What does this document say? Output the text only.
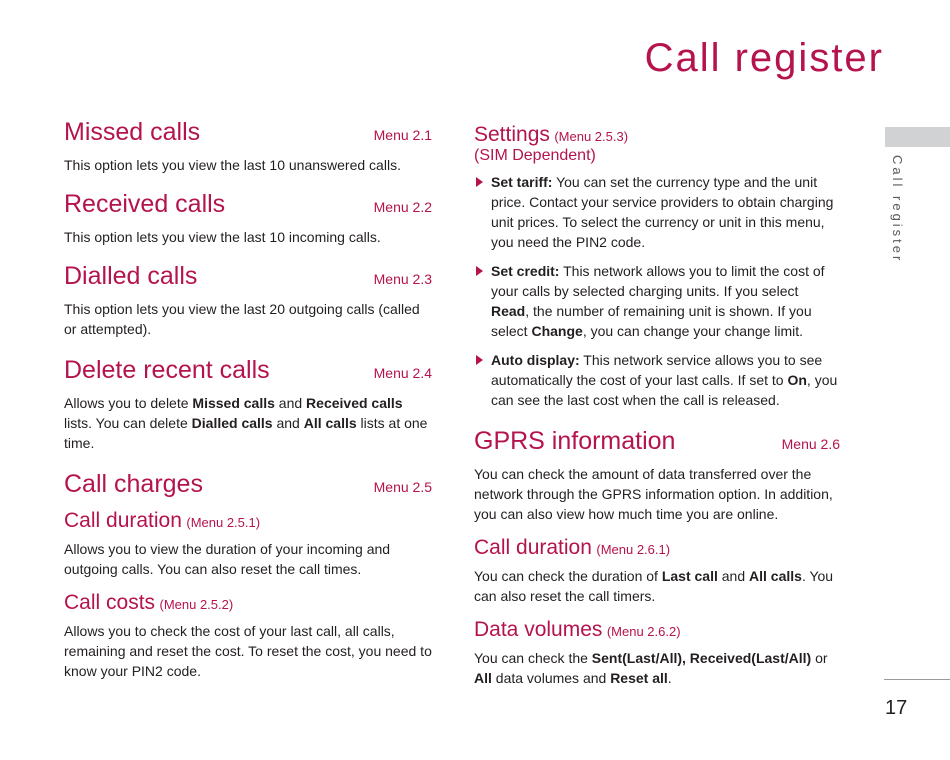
Call register
Call register
17
Missed calls	Menu 2.1

This option lets you view the last 10 unanswered calls.

Received calls	Menu 2.2

This option lets you view the last 10 incoming calls.

Dialled calls	Menu 2.3

This option lets you view the last 20 outgoing calls (called or attempted).

Delete recent calls	Menu 2.4

Allows you to delete Missed calls and Received calls lists. You can delete Dialled calls and All calls lists at one time.

Call charges	Menu 2.5
Call duration (Menu 2.5.1)

Allows you to view the duration of your incoming and outgoing calls. You can also reset the call times.

Call costs (Menu 2.5.2)

Allows you to check the cost of your last call, all calls, remaining and reset the cost. To reset the cost, you need to know your PIN2 code.

Settings (Menu 2.5.3)
(SIM Dependent)

Set tariff: You can set the currency type and the unit price. Contact your service providers to obtain charging unit prices. To select the currency or unit in this menu, you need the PIN2 code.

Set credit: This network allows you to limit the cost of your calls by selected charging units. If you select Read, the number of remaining unit is shown. If you select Change, you can change your change limit.

Auto display: This network service allows you to see automatically the cost of your last calls. If set to On, you can see the last cost when the call is released.

GPRS information	Menu 2.6

You can check the amount of data transferred over the network through the GPRS information option. In addition, you can also view how much time you are online.

Call duration (Menu 2.6.1)

You can check the duration of Last call and All calls. You can also reset the call timers.

Data volumes (Menu 2.6.2)

You can check the Sent(Last/All), Received(Last/All) or All data volumes and Reset all.
